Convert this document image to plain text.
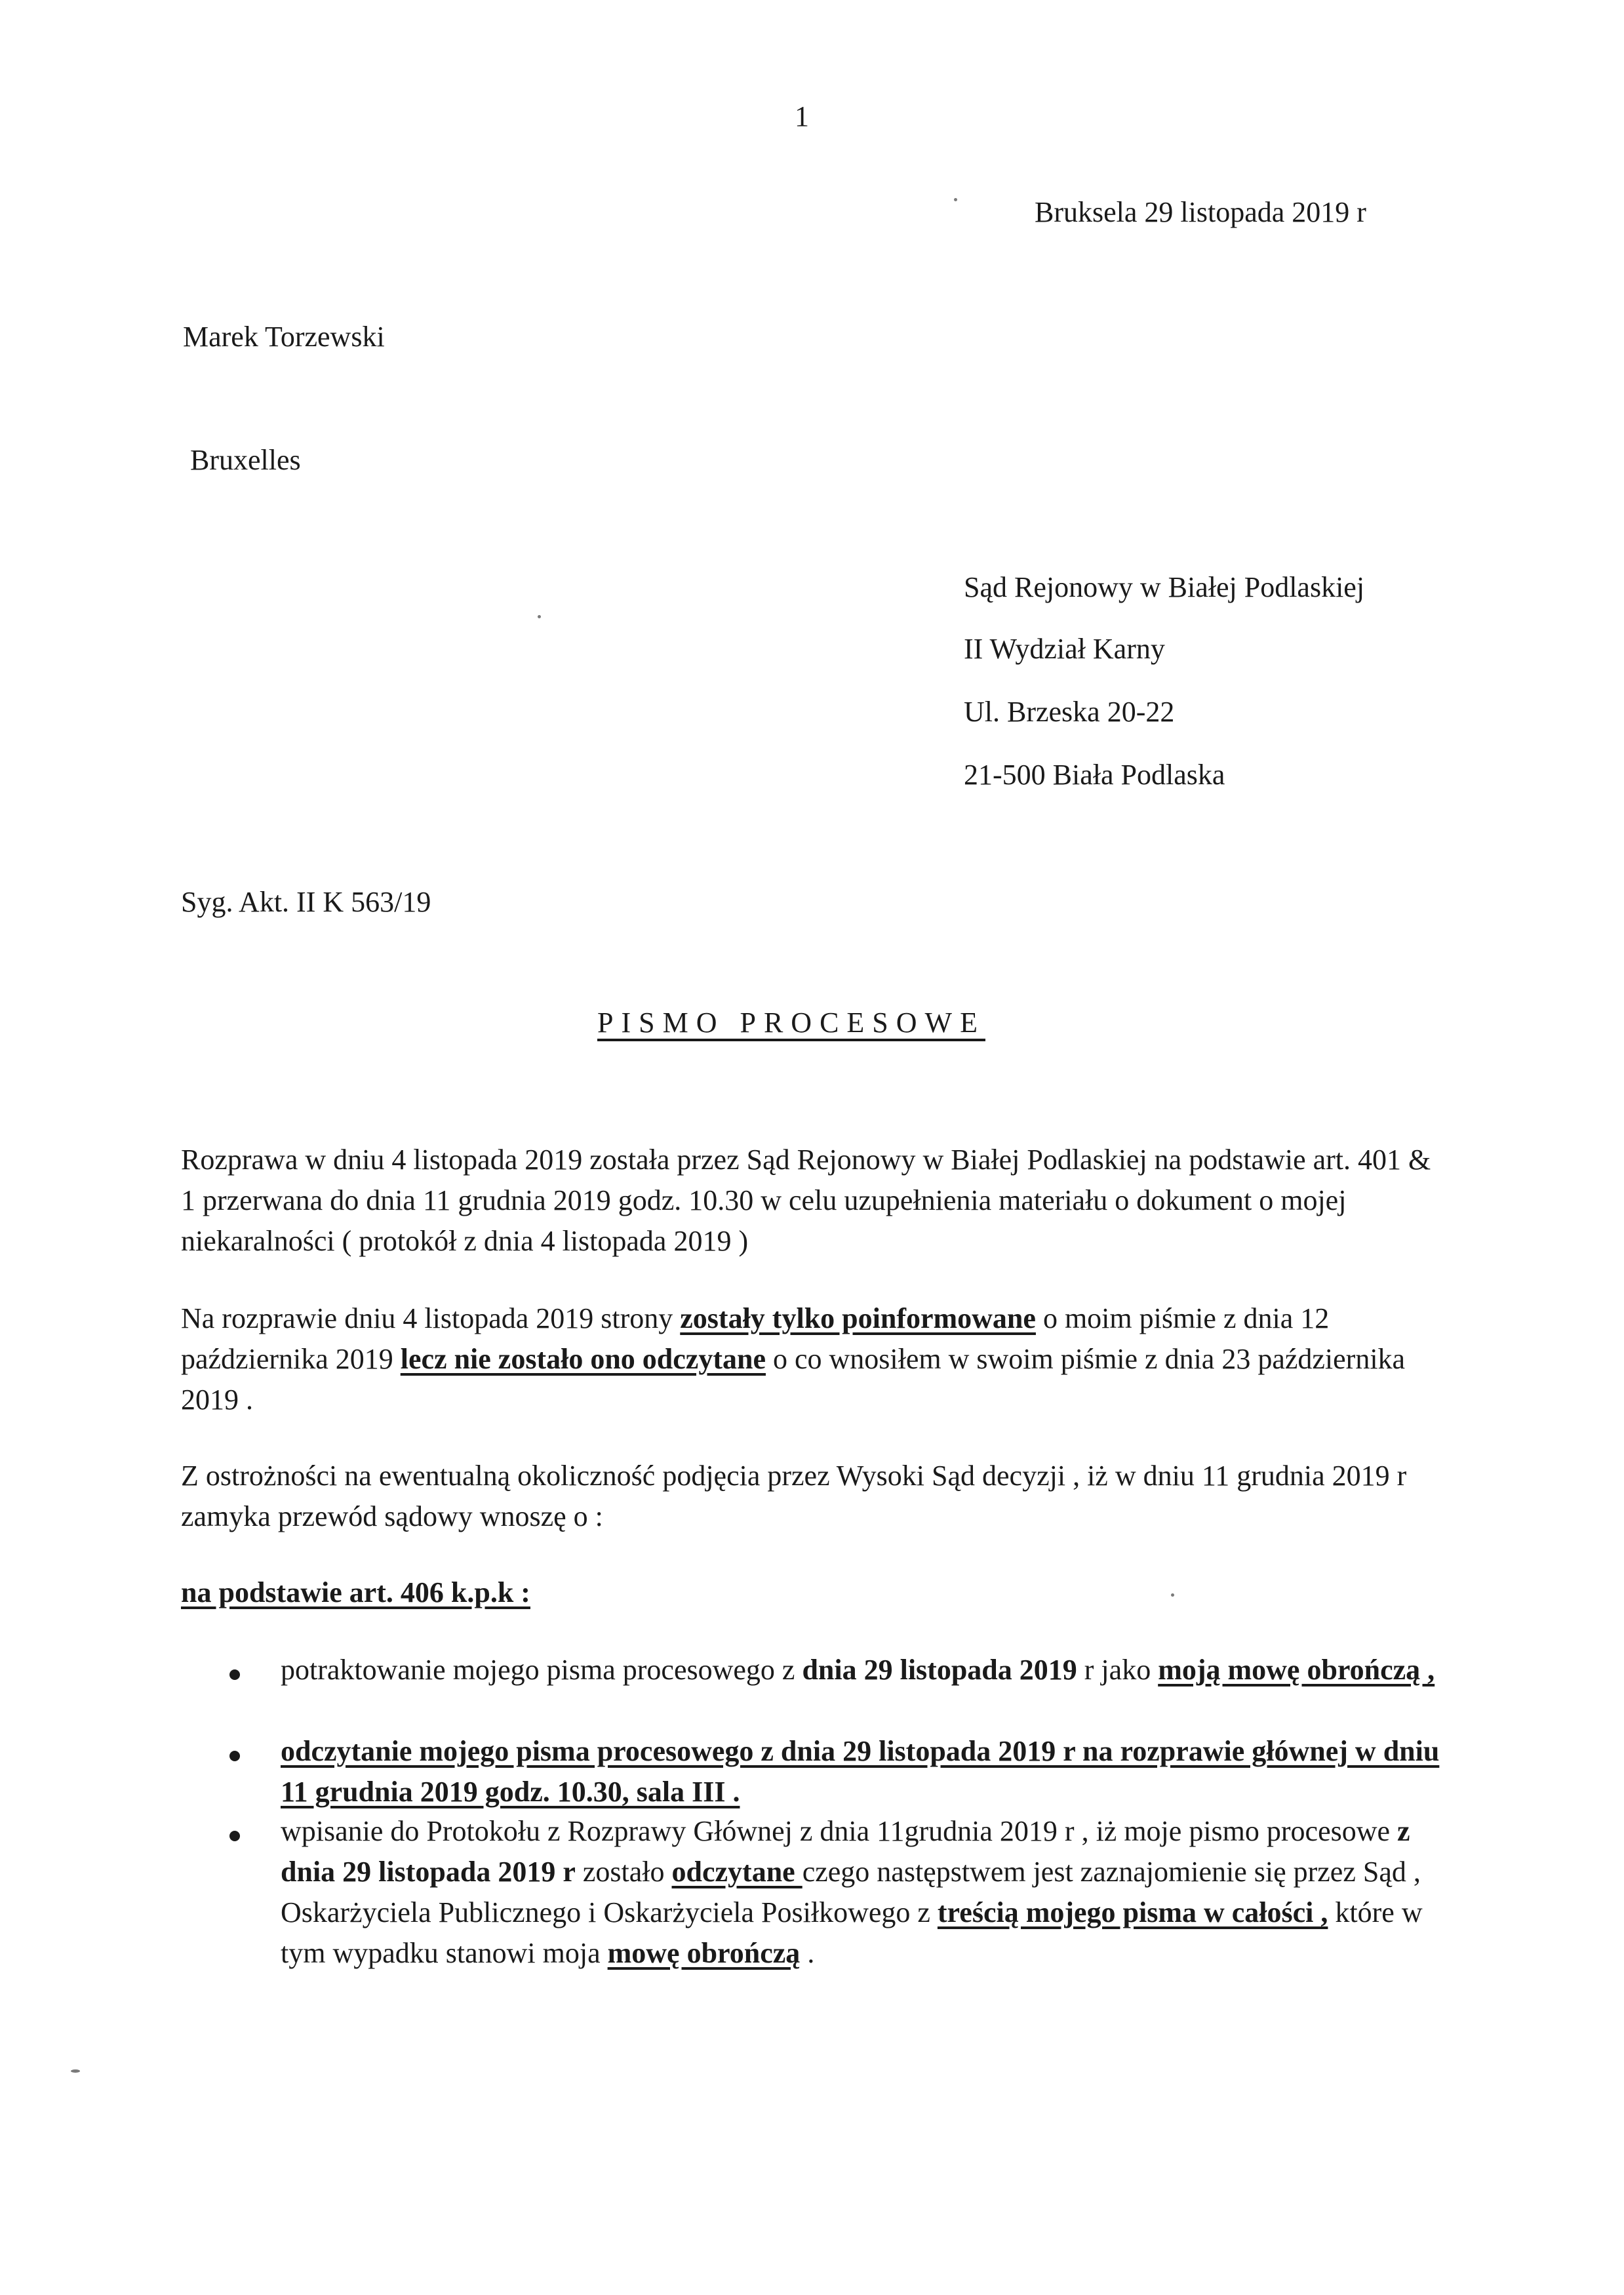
1
Bruksela 29 listopada 2019 r
Marek Torzewski
Bruxelles
Sąd Rejonowy w Białej Podlaskiej
II Wydział Karny
Ul. Brzeska 20-22
21-500 Biała Podlaska
Syg. Akt. II K 563/19
PISMO PROCESOWE
Rozprawa w dniu 4 listopada 2019 została przez Sąd Rejonowy w Białej Podlaskiej na podstawie art. 401 & 1 przerwana do dnia 11 grudnia 2019 godz. 10.30 w celu uzupełnienia materiału o dokument o mojej niekaralności ( protokół z dnia 4 listopada 2019 )
Na rozprawie dniu 4 listopada 2019 strony zostały tylko poinformowane o moim piśmie z dnia 12 października 2019 lecz nie zostało ono odczytane o co wnosiłem w swoim piśmie z dnia 23 października 2019 .
Z ostrożności na ewentualną okoliczność podjęcia przez Wysoki Sąd decyzji , iż w dniu 11 grudnia 2019 r zamyka przewód sądowy wnoszę o :
na podstawie art. 406 k.p.k :
potraktowanie mojego pisma procesowego z dnia 29 listopada 2019 r jako moją mowę obrończą ,
odczytanie mojego pisma procesowego z dnia 29 listopada 2019 r na rozprawie głównej w dniu 11 grudnia 2019 godz. 10.30, sala III .
wpisanie do Protokołu z Rozprawy Głównej z dnia 11grudnia 2019 r , iż moje pismo procesowe z dnia 29 listopada 2019 r zostało odczytane czego następstwem jest zaznajomienie się przez Sąd , Oskarżyciela Publicznego i Oskarżyciela Posiłkowego z treścią mojego pisma w całości , które w tym wypadku stanowi moja mowę obrończą .
